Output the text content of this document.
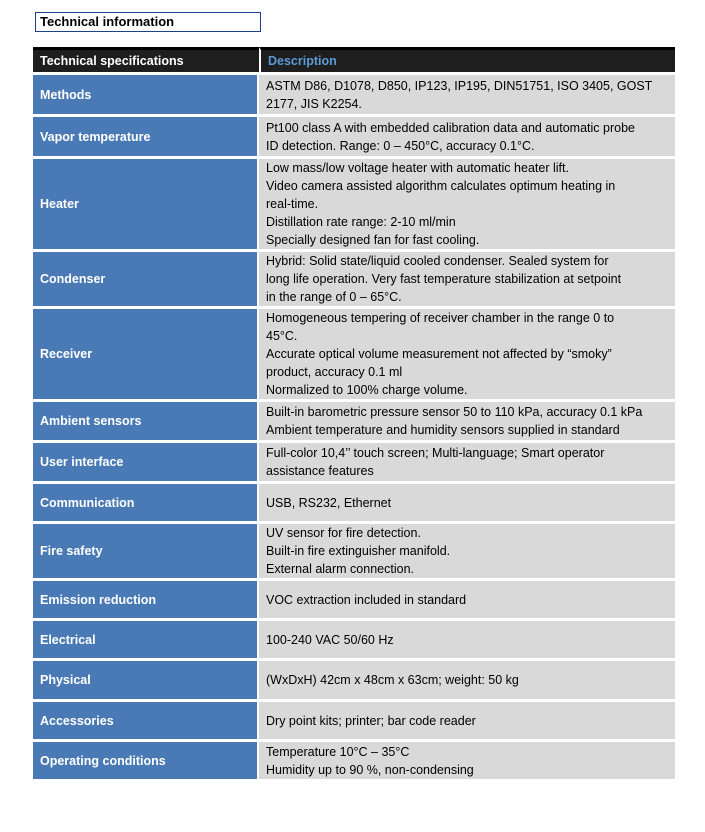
Technical information
Technical specifications	Description
Methods	ASTM D86, D1078, D850, IP123, IP195, DIN51751, ISO 3405, GOST
2177, JIS K2254.

Vapor temperature	Pt100 class A with embedded calibration data and automatic probe
ID detection. Range: 0 – 450°C, accuracy 0.1°C.

Heater	Low mass/low voltage heater with automatic heater lift.
Video camera assisted algorithm calculates optimum heating in
real-time.
Distillation rate range: 2-10 ml/min
Specially designed fan for fast cooling.

Condenser	Hybrid: Solid state/liquid cooled condenser. Sealed system for
long life operation. Very fast temperature stabilization at setpoint
in the range of 0 – 65°C.

Receiver	Homogeneous tempering of receiver chamber in the range 0 to
45°C.
Accurate optical volume measurement not affected by “smoky”
product, accuracy 0.1 ml
Normalized to 100% charge volume.

Ambient sensors	Built-in barometric pressure sensor 50 to 110 kPa, accuracy 0.1 kPa
Ambient temperature and humidity sensors supplied in standard

User interface	Full-color 10,4’’ touch screen; Multi-language; Smart operator
assistance features

Communication	USB, RS232, Ethernet

Fire safety	UV sensor for fire detection.
Built-in fire extinguisher manifold.
External alarm connection.

Emission reduction	VOC extraction included in standard

Electrical	100-240 VAC 50/60 Hz

Physical	(WxDxH) 42cm x 48cm x 63cm; weight: 50 kg

Accessories	Dry point kits; printer; bar code reader

Operating conditions	Temperature 10°C – 35°C
Humidity up to 90 %, non-condensing
